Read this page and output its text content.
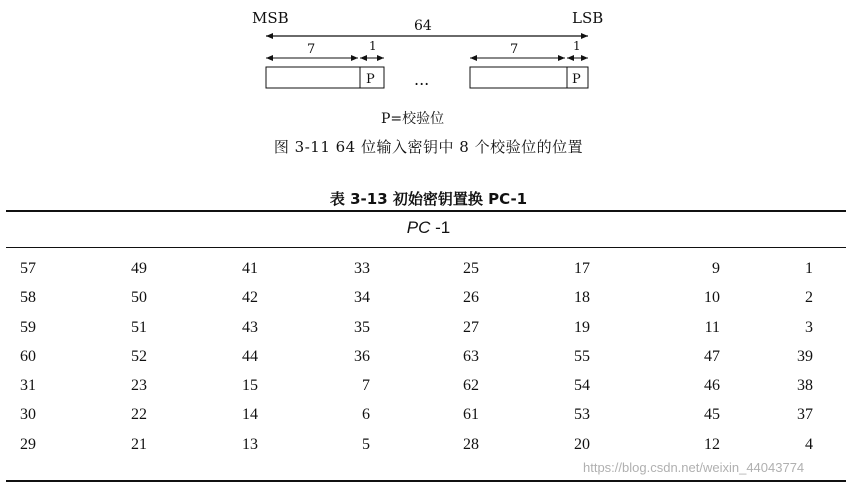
MSB	LSB
64
7	1
P ...
7	1
P
P=校验位
图 3-11 64 位输入密钥中 8 个校验位的位置
表 3-13 初始密钥置换 PC-1
PC -1
57	49	41	33	25	17	9	1
58	50	42	34	26	18	10	2
59	51	43	35	27	19	11	3
60	52	44	36	63	55	47	39
31	23	15	7	62	54	46	38
30	22	14	6	61	53	45	37
29	21	13	5	28	20	12	4
https://blog.csdn.net/weixin_44043774
